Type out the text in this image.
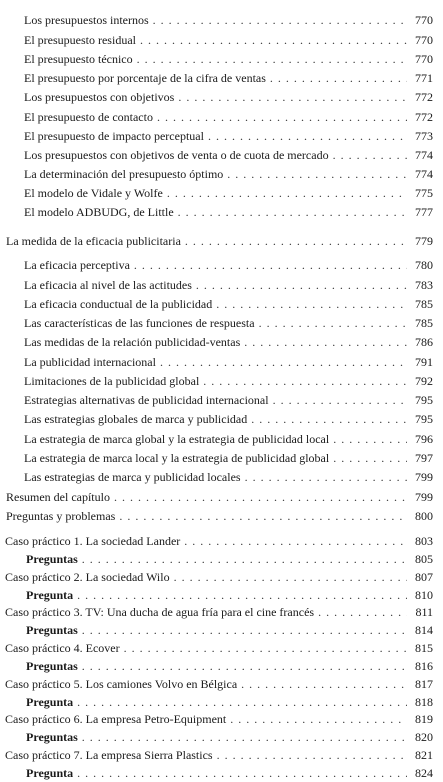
Los presupuestos internos . . .	770
El presupuesto residual . . .	770
El presupuesto técnico . . .	770
El presupuesto por porcentaje de la cifra de ventas . . .	771
Los presupuestos con objetivos . . .	772
El presupuesto de contacto . . .	772
El presupuesto de impacto perceptual . . .	773
Los presupuestos con objetivos de venta o de cuota de mercado . . .	774
La determinación del presupuesto óptimo . . .	774
El modelo de Vidale y Wolfe . . .	775
El modelo ADBUDG, de Little . . .	777
La medida de la eficacia publicitaria . . .	779
La eficacia perceptiva . . .	780
La eficacia al nivel de las actitudes . . .	783
La eficacia conductual de la publicidad . . .	785
Las características de las funciones de respuesta . . .	785
Las medidas de la relación publicidad-ventas . . .	786
La publicidad internacional . . .	791
Limitaciones de la publicidad global . . .	792
Estrategias alternativas de publicidad internacional . . .	795
Las estrategias globales de marca y publicidad . . .	795
La estrategia de marca global y la estrategia de publicidad local . . .	796
La estrategia de marca local y la estrategia de publicidad global . . .	797
Las estrategias de marca y publicidad locales . . .	799
Resumen del capítulo . . .	799
Preguntas y problemas . . .	800
Caso práctico 1. La sociedad Lander . . .	803
Preguntas . . .	805
Caso práctico 2. La sociedad Wilo . . .	807
Pregunta . . .	810
Caso práctico 3. TV: Una ducha de agua fría para el cine francés . . .	811
Preguntas . . .	814
Caso práctico 4. Ecover . . .	815
Preguntas . . .	816
Caso práctico 5. Los camiones Volvo en Bélgica . . .	817
Pregunta . . .	818
Caso práctico 6. La empresa Petro-Equipment . . .	819
Preguntas . . .	820
Caso práctico 7. La empresa Sierra Plastics . . .	821
Pregunta . . .	824
